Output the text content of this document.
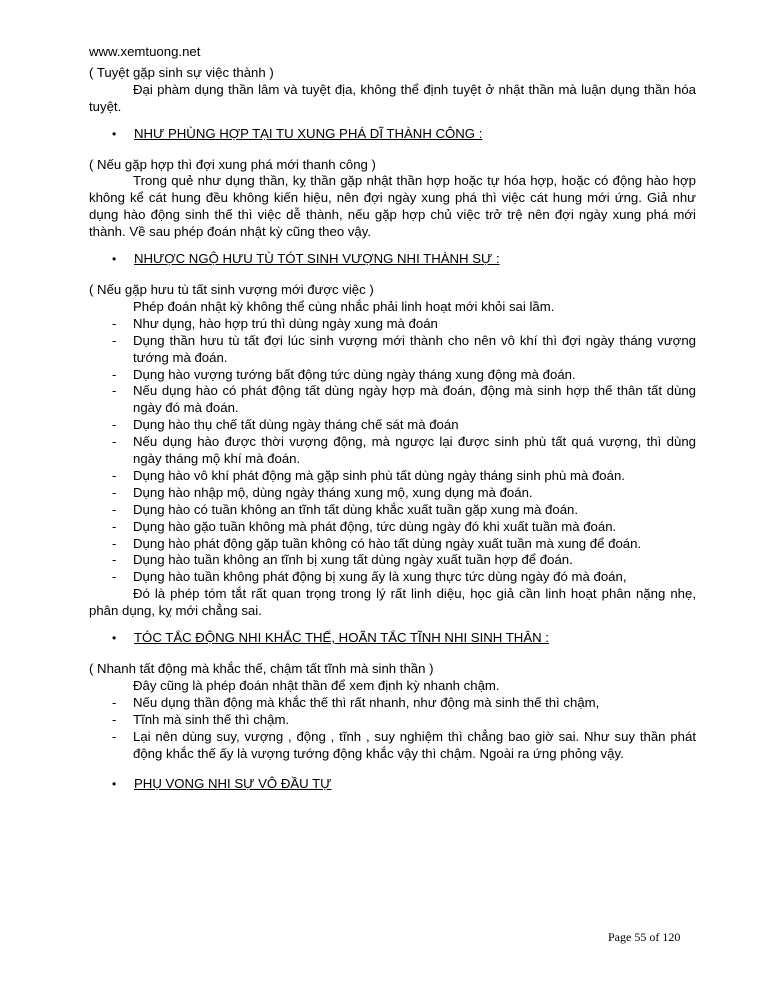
www.xemtuong.net

( Tuyệt gặp sinh sự việc thành )

Đại phàm dụng thần lâm và tuyệt địa, không thể định tuyệt ở nhật thần mà luận dụng thần hóa tuyệt.

•	NHƯ PHÙNG HỢP TẠI TU XUNG PHÁ DĨ THÀNH CÔNG :

( Nếu gặp hợp thì đợi xung phá mới thanh công )

Trong quẻ như dụng thần, kỵ thần gặp nhật thần hợp hoặc tự hóa hợp, hoặc có động hào hợp không kể cát hung đều không kiến hiệu, nên đợi ngày xung phá thì việc cát hung mới ứng. Giả như dụng hào động sinh thế thì việc dễ thành, nếu gặp hợp chủ việc trở trệ nên đợi ngày xung phá mới thành. Về sau phép đoán nhật kỳ cũng theo vậy.

•	NHƯỢC NGỘ HƯU TÙ TÓT SINH VƯỢNG NHI THÀNH SỰ :

( Nếu gặp hưu tù tất sinh vượng mới được việc )

Phép đoán nhật kỳ không thể cùng nhắc phải linh hoạt mới khỏi sai lầm.

-	Như dụng, hào hợp trú thì dùng ngày xung mà đoán
-	Dụng thần hưu tù tất đợi lúc sinh vượng mới thành cho nên vô khí thì đợi ngày tháng vượng tướng mà đoán.
-	Dụng hào vượng tướng bất động tức dùng ngày tháng xung động mà đoán.
-	Nếu dụng hào có phát động tất dùng ngày hợp mà đoán, động mà sinh hợp thế thân tất dùng ngày đó mà đoán.
-	Dụng hào thụ chế tất dùng ngày tháng chế sát mà đoán
-	Nếu dụng hào được thời vượng động, mà ngược lại được sinh phù tất quá vượng, thì dùng ngày tháng mộ khí mà đoán.
-	Dụng hào vô khí phát động mà gặp sinh phù tất dùng ngày tháng sinh phù mà đoán.
-	Dụng hào nhập mộ, dùng ngày tháng xung mộ, xung dụng mà đoán.
-	Dụng hào có tuần không an tĩnh tất dùng khắc xuất tuần gặp xung mà đoán.
-	Dụng hào gặo tuần không mà phát động, tức dùng ngày đó khi xuất tuần mà đoán.
-	Dụng hào phát động gặp tuần không có hào tất dùng ngày xuất tuần mà xung để đoán.
-	Dụng hào tuần không an tĩnh bị xung tất dùng ngày xuất tuần hợp để đoán.
-	Dụng hào tuần không phát động bị xung ấy là xung thực tức dùng ngày đó mà đoán,

Đó là phép tóm tắt rất quan trọng trong lý rất linh diệu, học giả cần linh hoạt phân nặng nhẹ, phân dụng, kỵ mới chẳng sai.

•	TÓC TẮC ĐỘNG NHI KHẮC THẾ, HOÃN TẮC TĨNH NHI SINH THÂN :

( Nhanh tất động mà khắc thế, chậm tất tĩnh mà sinh thần )

Đây cũng là phép đoán nhật thần để xem định kỳ nhanh chậm.

-	Nếu dụng thần động mà khắc thế thì rất nhanh, như động mà sinh thế thì chậm,
-	Tĩnh mà sinh thế thì chậm.
-	Lại nên dùng suy, vượng , động , tĩnh , suy nghiệm thì chẳng bao giờ sai. Như suy thần phát động khắc thế ấy là vượng tướng động khắc vậy thì chậm. Ngoài ra ứng phỏng vậy.
•	PHỤ VONG NHI SỰ VÔ ĐẦU TỰ
Page 55 of 120
